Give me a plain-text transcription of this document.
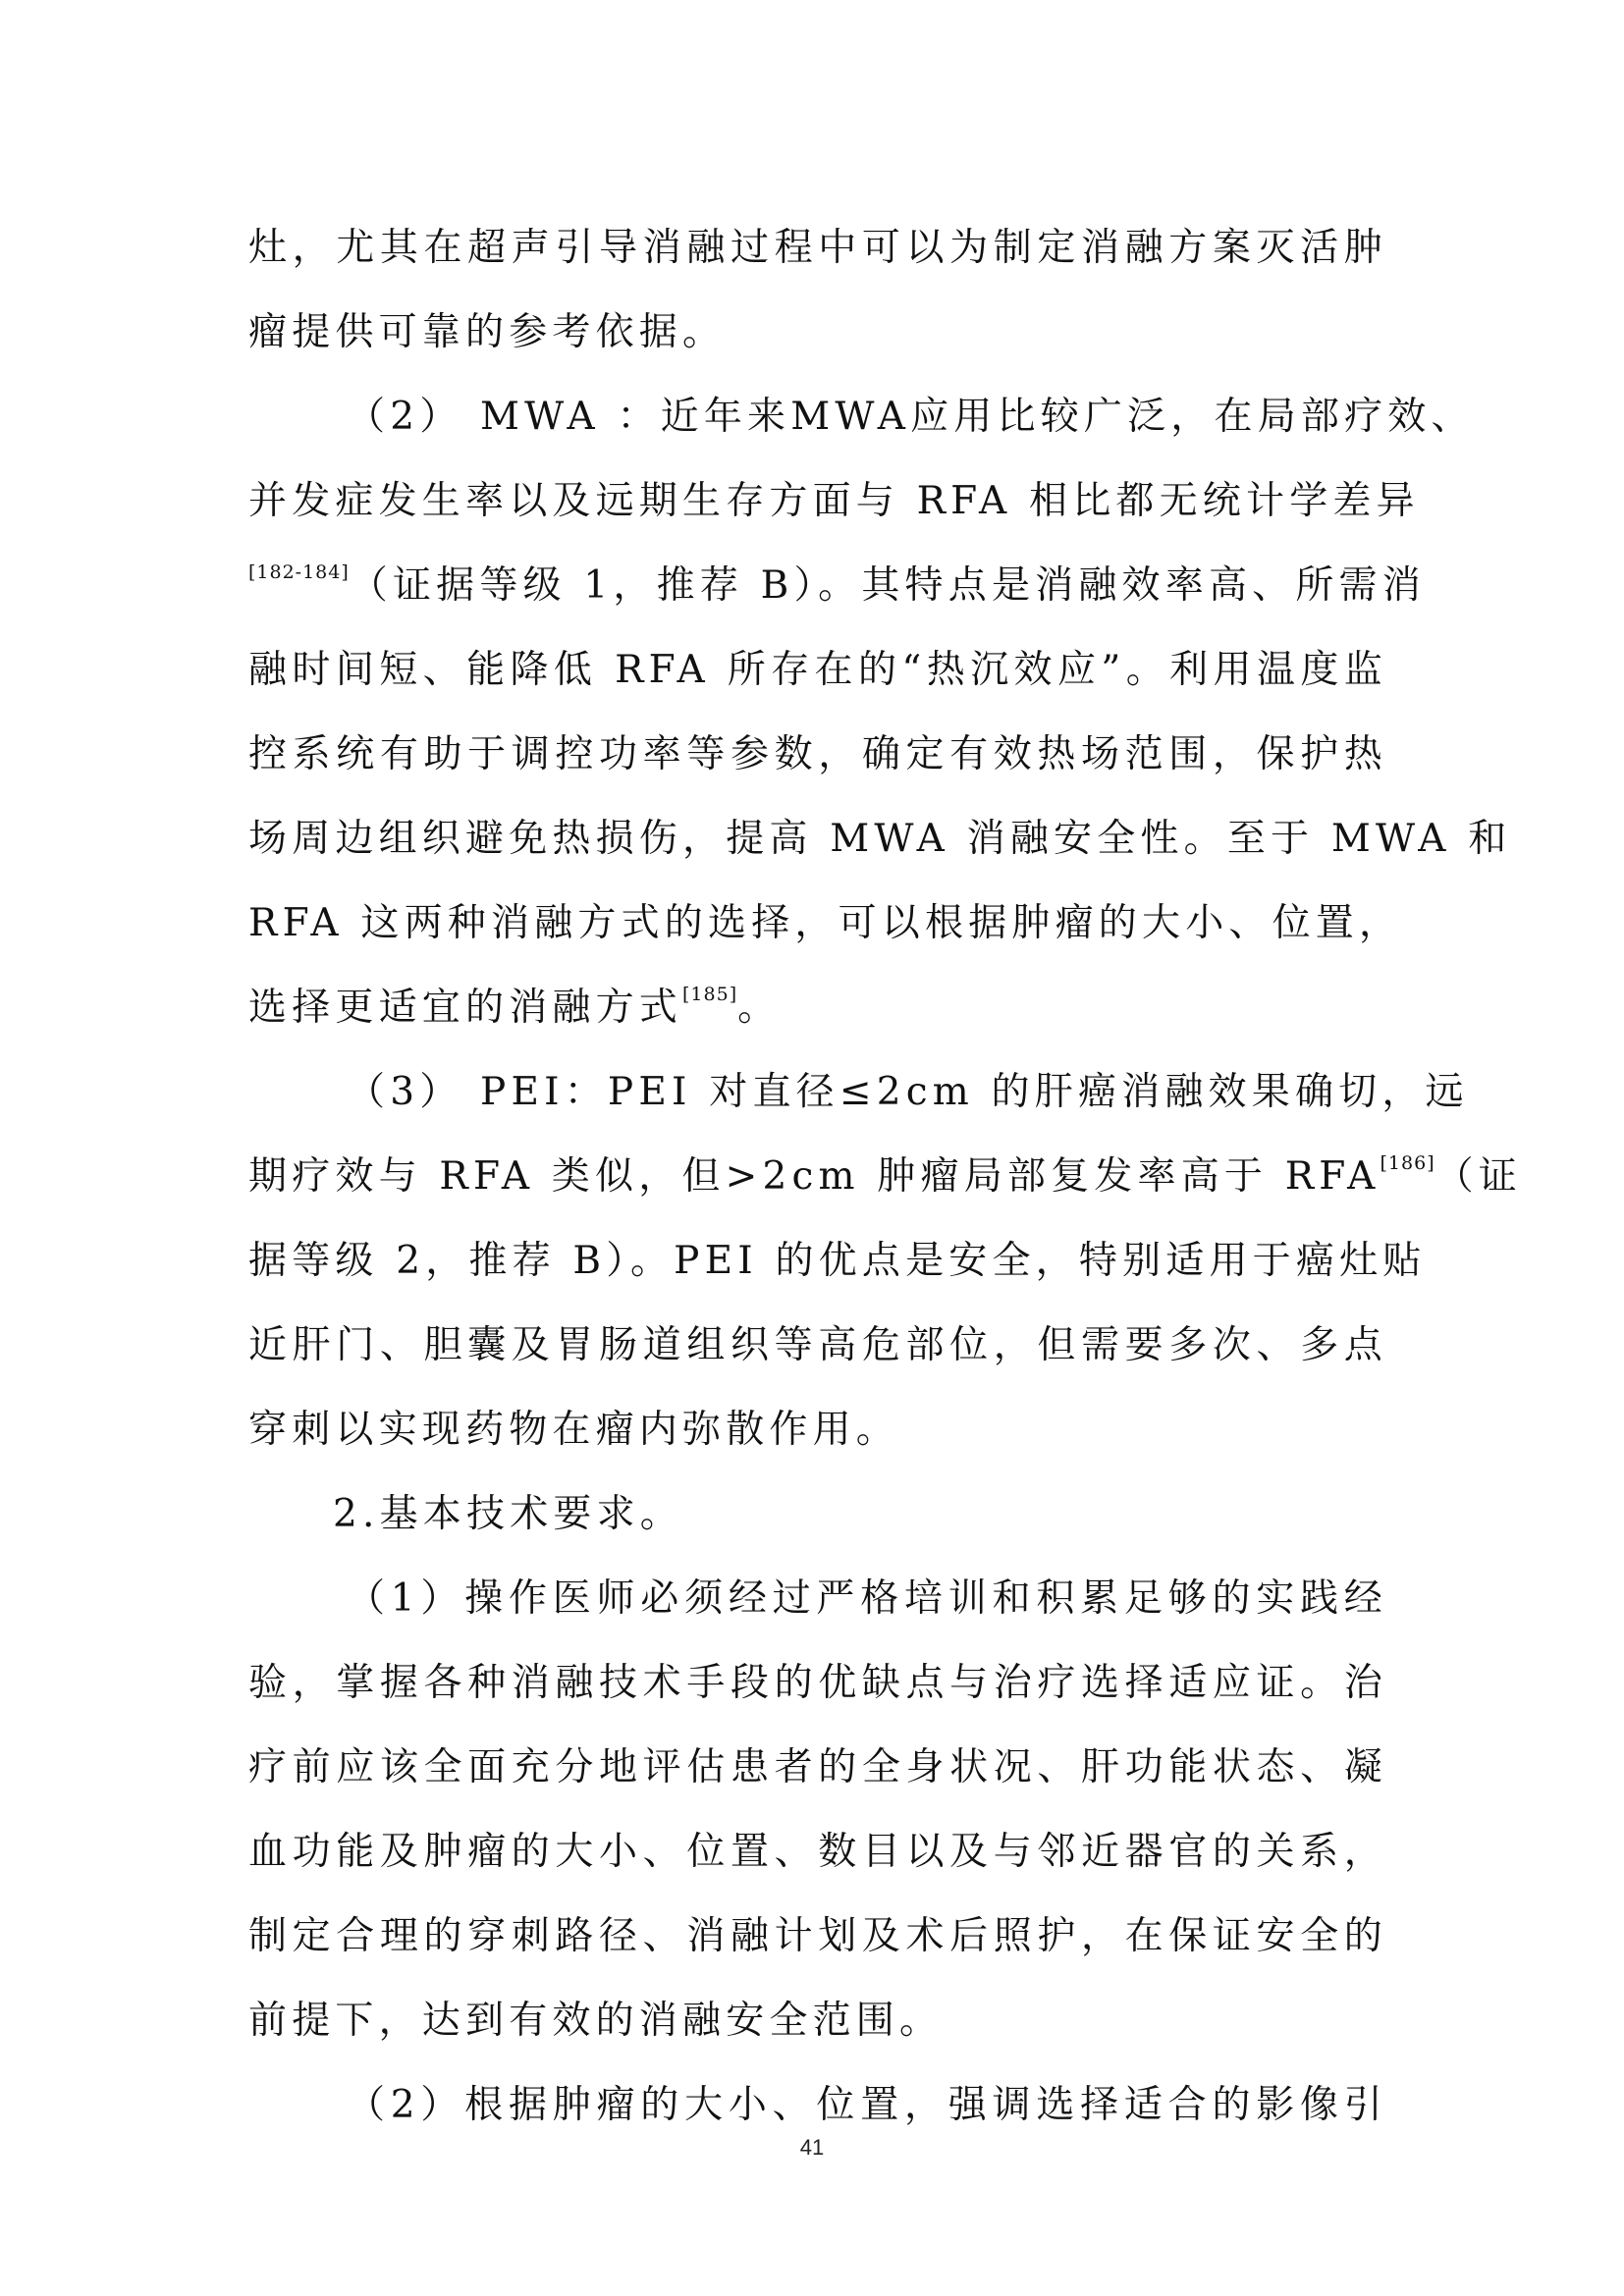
灶，尤其在超声引导消融过程中可以为制定消融方案灭活肿
瘤提供可靠的参考依据。
（2） MWA ：近年来MWA应用比较广泛，在局部疗效、
并发症发生率以及远期生存方面与 RFA 相比都无统计学差异
[182-184]（证据等级 1，推荐 B）。其特点是消融效率高、所需消
融时间短、能降低 RFA 所存在的“热沉效应”。利用温度监
控系统有助于调控功率等参数，确定有效热场范围，保护热
场周边组织避免热损伤，提高 MWA 消融安全性。至于 MWA 和
RFA 这两种消融方式的选择，可以根据肿瘤的大小、位置，
选择更适宜的消融方式[185]。
（3） PEI：PEI 对直径≤2cm 的肝癌消融效果确切，远
期疗效与 RFA 类似，但>2cm 肿瘤局部复发率高于 RFA[186]（证
据等级 2，推荐 B）。PEI 的优点是安全，特别适用于癌灶贴
近肝门、胆囊及胃肠道组织等高危部位，但需要多次、多点
穿刺以实现药物在瘤内弥散作用。
2.基本技术要求。
（1）操作医师必须经过严格培训和积累足够的实践经
验，掌握各种消融技术手段的优缺点与治疗选择适应证。治
疗前应该全面充分地评估患者的全身状况、肝功能状态、凝
血功能及肿瘤的大小、位置、数目以及与邻近器官的关系，
制定合理的穿刺路径、消融计划及术后照护，在保证安全的
前提下，达到有效的消融安全范围。
（2）根据肿瘤的大小、位置，强调选择适合的影像引
41
